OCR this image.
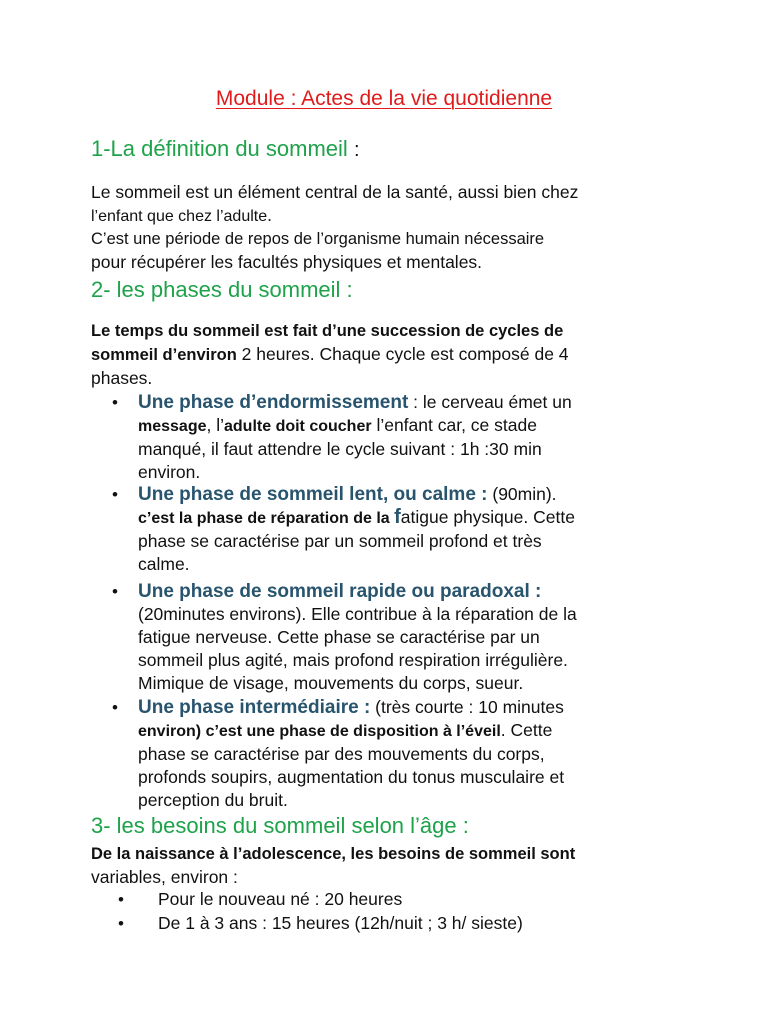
Module : Actes de la vie quotidienne
1-La définition du sommeil :
Le sommeil est un élément central de la santé, aussi bien chez
l’enfant que chez l’adulte.
C’est une période de repos de l’organisme humain nécessaire
pour récupérer les facultés physiques et mentales.
2- les phases du sommeil :
Le temps du sommeil est fait d’une succession de cycles de
sommeil d’environ 2 heures. Chaque cycle est composé de 4
phases.
• Une phase d’endormissement : le cerveau émet un
message, l’adulte doit coucher l’enfant car, ce stade
manqué, il faut attendre le cycle suivant : 1h :30 min
environ.
• Une phase de sommeil lent, ou calme : (90min).
c’est la phase de réparation de la fatigue physique. Cette
phase se caractérise par un sommeil profond et très
calme.
• Une phase de sommeil rapide ou paradoxal :
(20minutes environs). Elle contribue à la réparation de la
fatigue nerveuse. Cette phase se caractérise par un
sommeil plus agité, mais profond respiration irrégulière.
Mimique de visage, mouvements du corps, sueur.
• Une phase intermédiaire : (très courte : 10 minutes
environ) c’est une phase de disposition à l’éveil. Cette
phase se caractérise par des mouvements du corps,
profonds soupirs, augmentation du tonus musculaire et
perception du bruit.
3- les besoins du sommeil selon l’âge :
De la naissance à l’adolescence, les besoins de sommeil sont
variables, environ :
• Pour le nouveau né : 20 heures
• De 1 à 3 ans : 15 heures (12h/nuit ; 3 h/ sieste)
